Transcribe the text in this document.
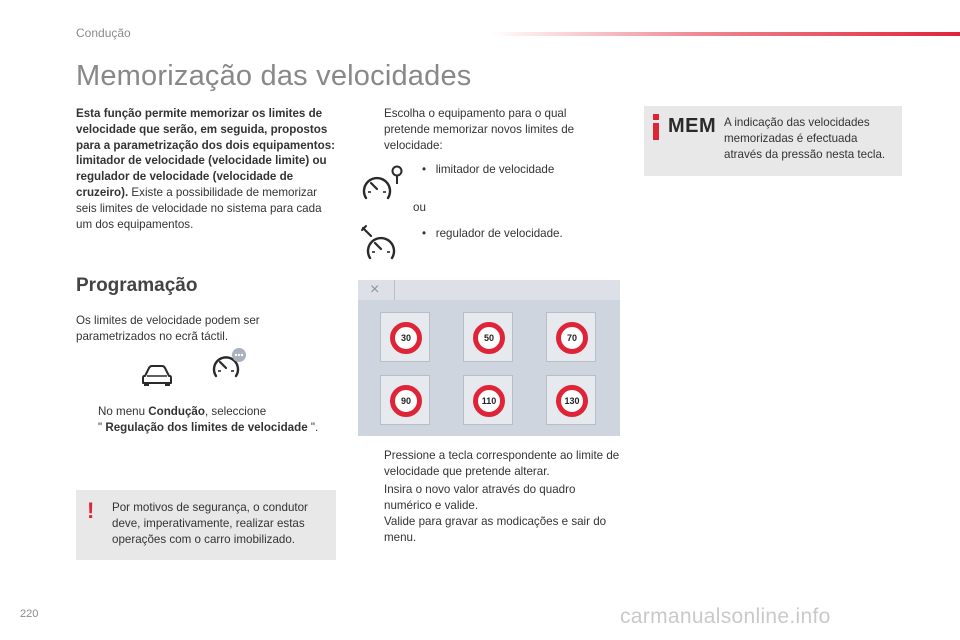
Condução
Memorização das velocidades
Esta função permite memorizar os limites de velocidade que serão, em seguida, propostos para a parametrização dos dois equipamentos: limitador de velocidade (velocidade limite) ou regulador de velocidade (velocidade de cruzeiro). Existe a possibilidade de memorizar seis limites de velocidade no sistema para cada um dos equipamentos.
Programação
Os limites de velocidade podem ser parametrizados no ecrã táctil.
No menu Condução, seleccione
" Regulação dos limites de velocidade ".
! Por motivos de segurança, o condutor deve, imperativamente, realizar estas operações com o carro imobilizado.
Escolha o equipamento para o qual pretende memorizar novos limites de velocidade:
• limitador de velocidade
ou
• regulador de velocidade.
×
30	50	70
90	110	130
Pressione a tecla correspondente ao limite de velocidade que pretende alterar.
Insira o novo valor através do quadro numérico e valide.
Valide para gravar as modicações e sair do menu.
MEM A indicação das velocidades memorizadas é efectuada através da pressão nesta tecla.
220	carmanualsonline.info
